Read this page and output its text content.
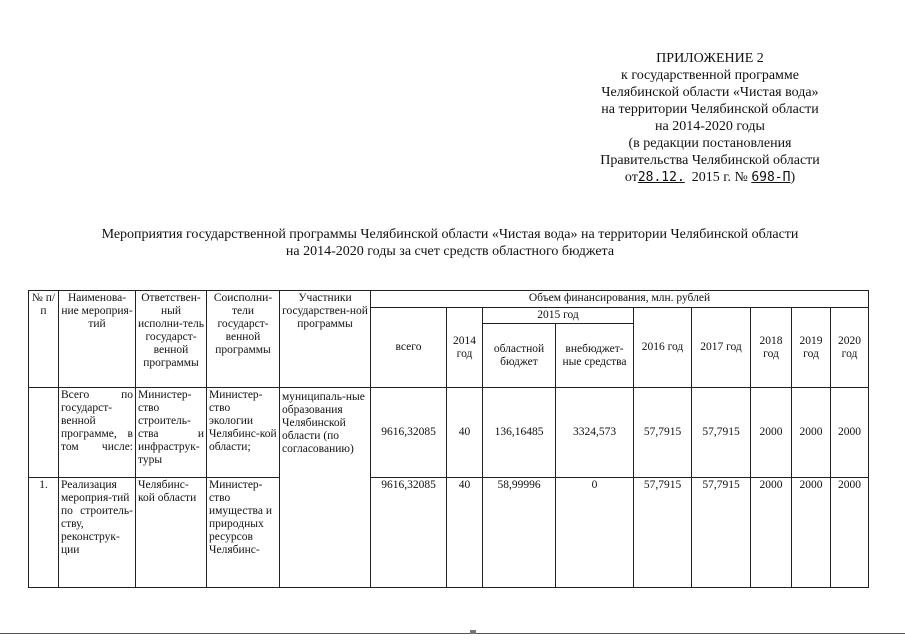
ПРИЛОЖЕНИЕ 2
к государственной программе
Челябинской области «Чистая вода»
на территории Челябинской области
на 2014-2020 годы
(в редакции постановления
Правительства Челябинской области
от28.12. 2015 г. № 698-П)
Мероприятия государственной программы Челябинской области «Чистая вода» на территории Челябинской области
на 2014-2020 годы за счет средств областного бюджета
№ п/п	Наименова-ние мероприя-тий	Ответствен-ный исполни-тель государст-венной программы	Соисполни-тели государст-венной программы	Участники государствен-ной программы	Объем финансирования, млн. рублей								
					всего	2014 год	2015 год		2016 год	2017 год	2018 год	2019 год	2020 год
							областной бюджет	внебюджет-ные средства					
	Всего по государст-венной программе, в том числе:	Министер-ство строитель-ства и инфраструк-туры	Министер-ство экологии Челябинс-кой области;	муниципаль-ные образования Челябинской области (по согласованию)	9616,32085	40	136,16485	3324,573	57,7915	57,7915	2000	2000	2000
1.	Реализация мероприя-тий по строитель-ству, реконструк-ции	Челябинс-кой области	Министер-ство имущества и природных ресурсов Челябинс-		9616,32085	40	58,99996	0	57,7915	57,7915	2000	2000	2000
